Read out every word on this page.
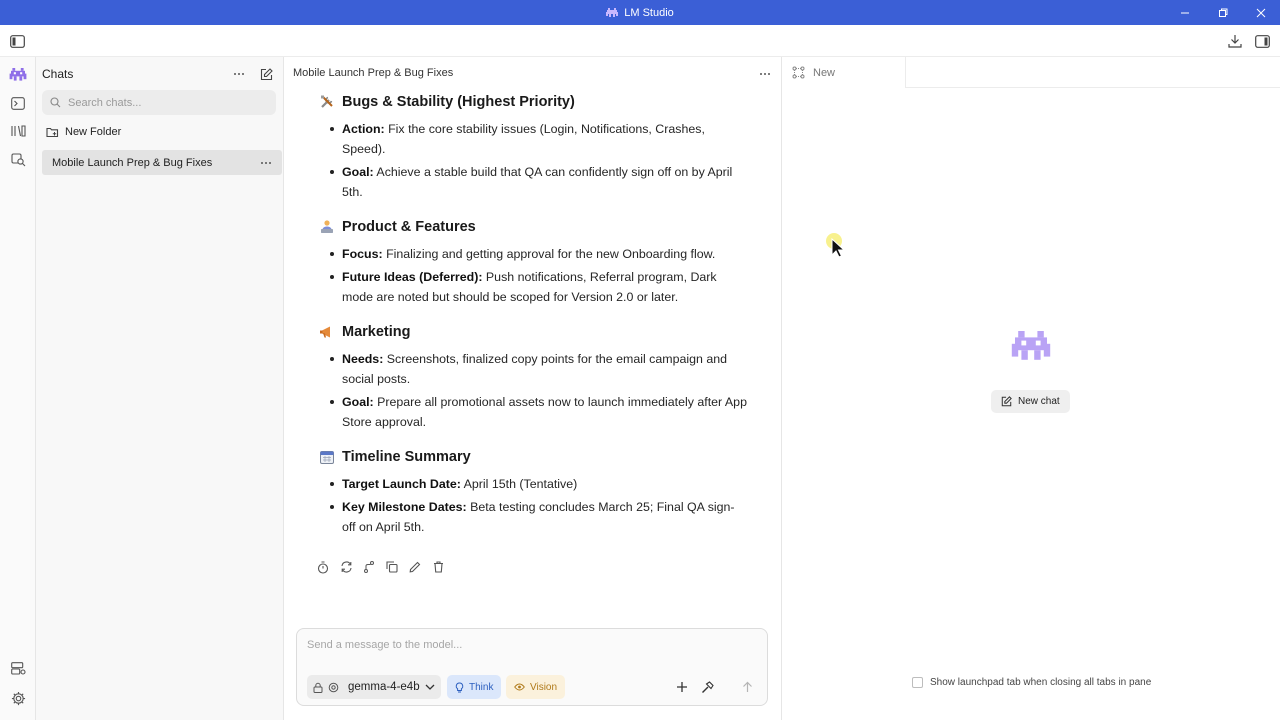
LM Studio
Chats
Search chats...
New Folder
Mobile Launch Prep & Bug Fixes
Mobile Launch Prep & Bug Fixes
Bugs & Stability (Highest Priority)
Action: Fix the core stability issues (Login, Notifications, Crashes, Speed).
Goal: Achieve a stable build that QA can confidently sign off on by April 5th.
Product & Features
Focus: Finalizing and getting approval for the new Onboarding flow.
Future Ideas (Deferred): Push notifications, Referral program, Dark mode are noted but should be scoped for Version 2.0 or later.
Marketing
Needs: Screenshots, finalized copy points for the email campaign and social posts.
Goal: Prepare all promotional assets now to launch immediately after App Store approval.
Timeline Summary
Target Launch Date: April 15th (Tentative)
Key Milestone Dates: Beta testing concludes March 25; Final QA sign-off on April 5th.
Send a message to the model...
gemma-4-e4b	Think	Vision
New
New chat
Show launchpad tab when closing all tabs in pane
